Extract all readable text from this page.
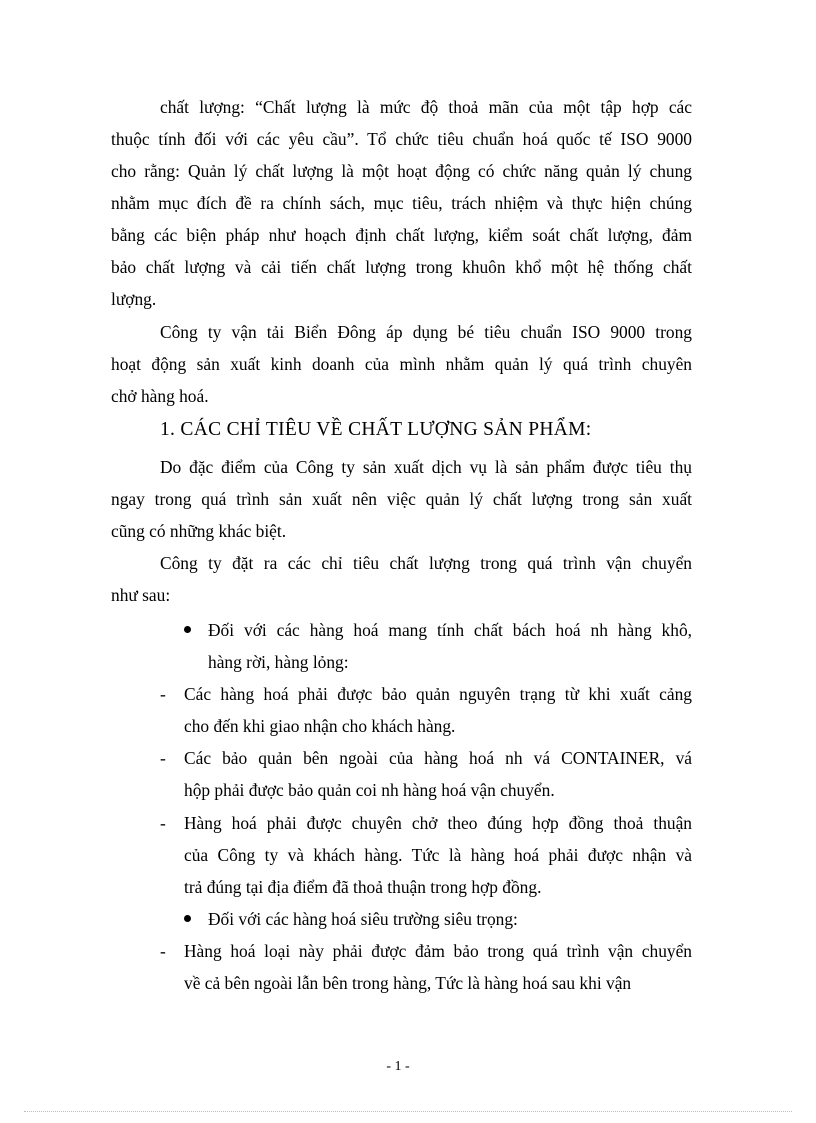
chất lượng: “Chất lượng là mức độ thoả mãn của một tập hợp các
thuộc tính đối với các yêu cầu”. Tổ chức tiêu chuẩn hoá quốc tế ISO 9000
cho rằng: Quản lý chất lượng là một hoạt động có chức năng quản lý chung
nhằm mục đích đề ra chính sách, mục tiêu, trách nhiệm và thực hiện chúng
bằng các biện pháp như hoạch định chất lượng, kiểm soát chất lượng, đảm
bảo chất lượng và cải tiến chất lượng trong khuôn khổ một hệ thống chất
lượng.
Công ty vận tải Biển Đông áp dụng bé tiêu chuẩn ISO 9000 trong
hoạt động sản xuất kinh doanh của mình nhằm quản lý quá trình chuyên
chở hàng hoá.
1. CÁC CHỈ TIÊU VỀ CHẤT LƯỢNG SẢN PHẨM:
Do đặc điểm của Công ty sản xuất dịch vụ là sản phẩm được tiêu thụ
ngay trong quá trình sản xuất nên việc quản lý chất lượng trong sản xuất
cũng có những khác biệt.
Công ty đặt ra các chỉ tiêu chất lượng trong quá trình vận chuyển
như sau:
Đối với các hàng hoá mang tính chất bách hoá nh hàng khô,
hàng rời, hàng lỏng:
- Các hàng hoá phải được bảo quản nguyên trạng từ khi xuất cảng
cho đến khi giao nhận cho khách hàng.
- Các bảo quản bên ngoài của hàng hoá nh vá CONTAINER, vá
hộp phải được bảo quản coi nh hàng hoá vận chuyển.
- Hàng hoá phải được chuyên chở theo đúng hợp đồng thoả thuận
của Công ty và khách hàng. Tức là hàng hoá phải được nhận và
trả đúng tại địa điểm đã thoả thuận trong hợp đồng.
Đối với các hàng hoá siêu trường siêu trọng:
- Hàng hoá loại này phải được đảm bảo trong quá trình vận chuyển
về cả bên ngoài lẫn bên trong hàng, Tức là hàng hoá sau khi vận
- 1 -
